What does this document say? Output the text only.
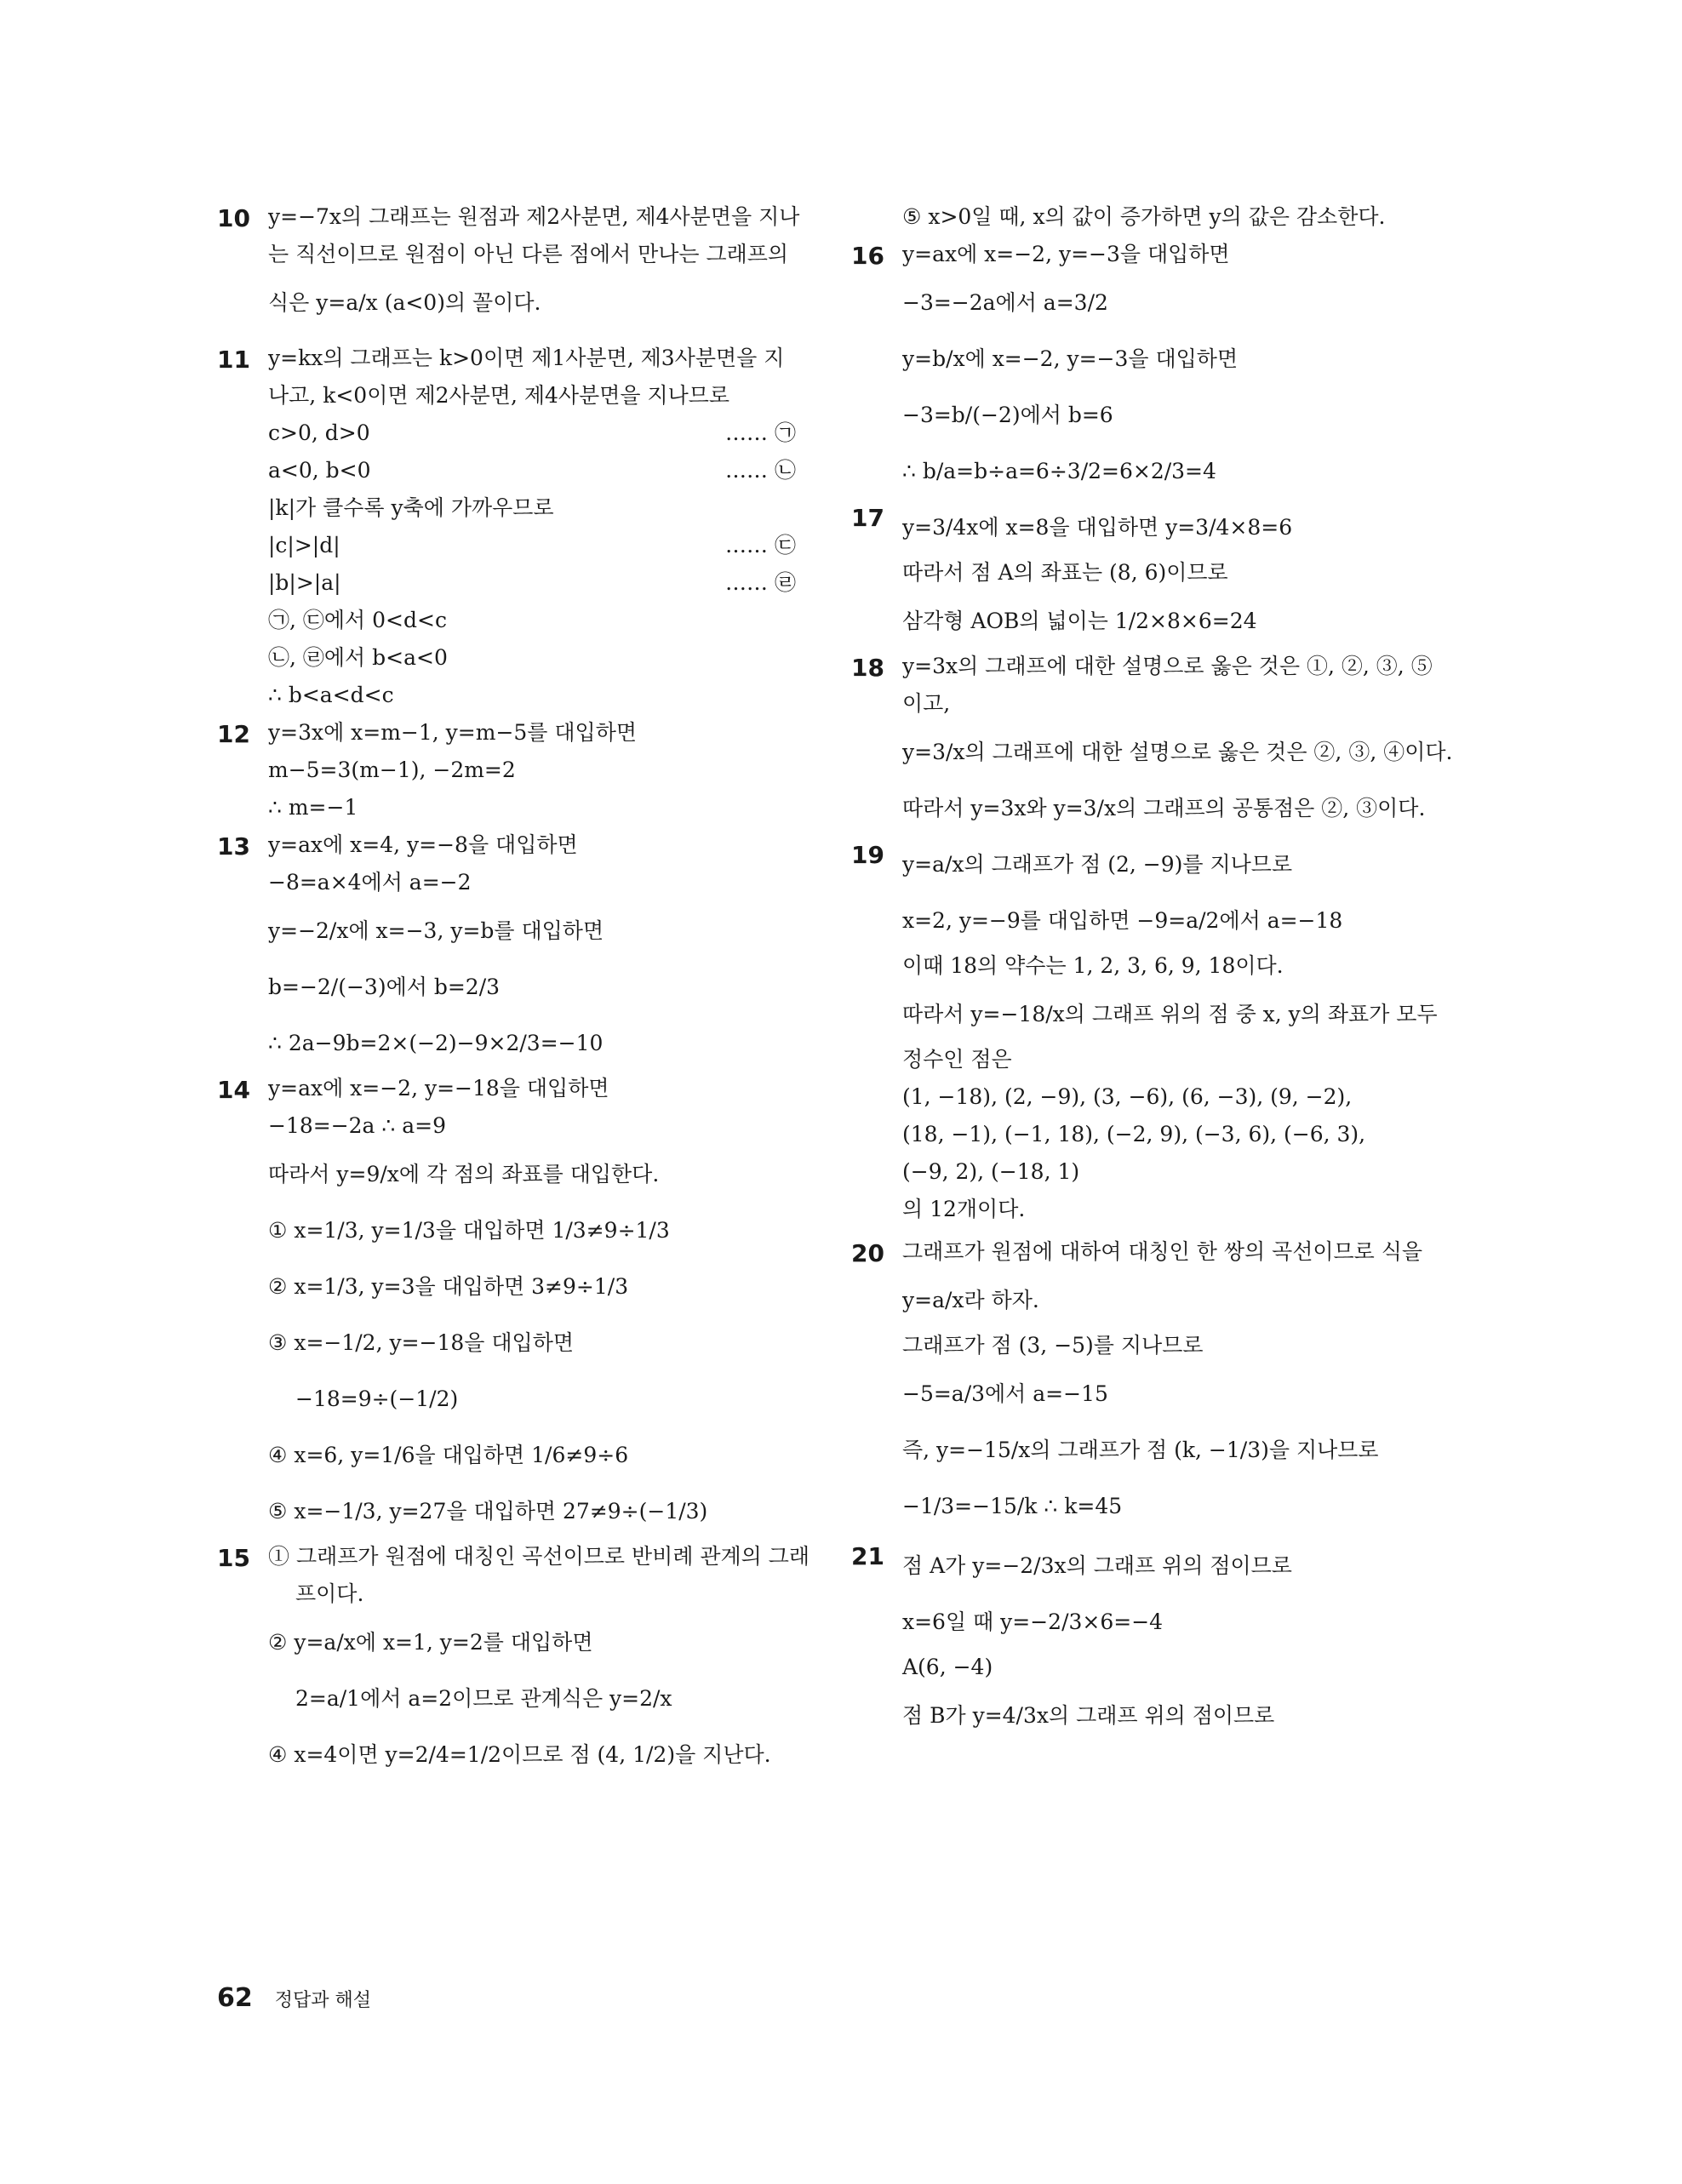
10 y=−7x의 그래프는 원점과 제2사분면, 제4사분면을 지나
는 직선이므로 원점이 아닌 다른 점에서 만나는 그래프의
식은 y=a/x (a<0)의 꼴이다.
11 y=kx의 그래프는 k>0이면 제1사분면, 제3사분면을 지
나고, k<0이면 제2사분면, 제4사분면을 지나므로
c>0, d>0	…… ㉠
a<0, b<0	…… ㉡
|k|가 클수록 y축에 가까우므로
|c|>|d|	…… ㉢
|b|>|a|	…… ㉣
㉠, ㉢에서 0<d<c
㉡, ㉣에서 b<a<0
∴ b<a<d<c
12 y=3x에 x=m−1, y=m−5를 대입하면
m−5=3(m−1), −2m=2
∴ m=−1
13 y=ax에 x=4, y=−8을 대입하면
−8=a×4에서 a=−2
y=−2/x에 x=−3, y=b를 대입하면
b=−2/(−3)에서 b=2/3
∴ 2a−9b=2×(−2)−9×2/3=−10
14 y=ax에 x=−2, y=−18을 대입하면
−18=−2a ∴ a=9
따라서 y=9/x에 각 점의 좌표를 대입한다.
① x=1/3, y=1/3을 대입하면 1/3≠9÷1/3
② x=1/3, y=3을 대입하면 3≠9÷1/3
③ x=−1/2, y=−18을 대입하면
−18=9÷(−1/2)
④ x=6, y=1/6을 대입하면 1/6≠9÷6
⑤ x=−1/3, y=27을 대입하면 27≠9÷(−1/3)
15 ① 그래프가 원점에 대칭인 곡선이므로 반비례 관계의 그래
프이다.
② y=a/x에 x=1, y=2를 대입하면
2=a/1에서 a=2이므로 관계식은 y=2/x
④ x=4이면 y=2/4=1/2이므로 점 (4, 1/2)을 지난다.
⑤ x>0일 때, x의 값이 증가하면 y의 값은 감소한다.
16 y=ax에 x=−2, y=−3을 대입하면
−3=−2a에서 a=3/2
y=b/x에 x=−2, y=−3을 대입하면
−3=b/(−2)에서 b=6
∴ b/a=b÷a=6÷3/2=6×2/3=4
17 y=3/4x에 x=8을 대입하면 y=3/4×8=6
따라서 점 A의 좌표는 (8, 6)이므로
삼각형 AOB의 넓이는 1/2×8×6=24
18 y=3x의 그래프에 대한 설명으로 옳은 것은 ①, ②, ③, ⑤
이고,
y=3/x의 그래프에 대한 설명으로 옳은 것은 ②, ③, ④이다.
따라서 y=3x와 y=3/x의 그래프의 공통점은 ②, ③이다.
19 y=a/x의 그래프가 점 (2, −9)를 지나므로
x=2, y=−9를 대입하면 −9=a/2에서 a=−18
이때 18의 약수는 1, 2, 3, 6, 9, 18이다.
따라서 y=−18/x의 그래프 위의 점 중 x, y의 좌표가 모두
정수인 점은
(1, −18), (2, −9), (3, −6), (6, −3), (9, −2),
(18, −1), (−1, 18), (−2, 9), (−3, 6), (−6, 3),
(−9, 2), (−18, 1)
의 12개이다.
20 그래프가 원점에 대하여 대칭인 한 쌍의 곡선이므로 식을
y=a/x라 하자.
그래프가 점 (3, −5)를 지나므로
−5=a/3에서 a=−15
즉, y=−15/x의 그래프가 점 (k, −1/3)을 지나므로
−1/3=−15/k ∴ k=45
21 점 A가 y=−2/3x의 그래프 위의 점이므로
x=6일 때 y=−2/3×6=−4
A(6, −4)
점 B가 y=4/3x의 그래프 위의 점이므로
62 정답과 해설
